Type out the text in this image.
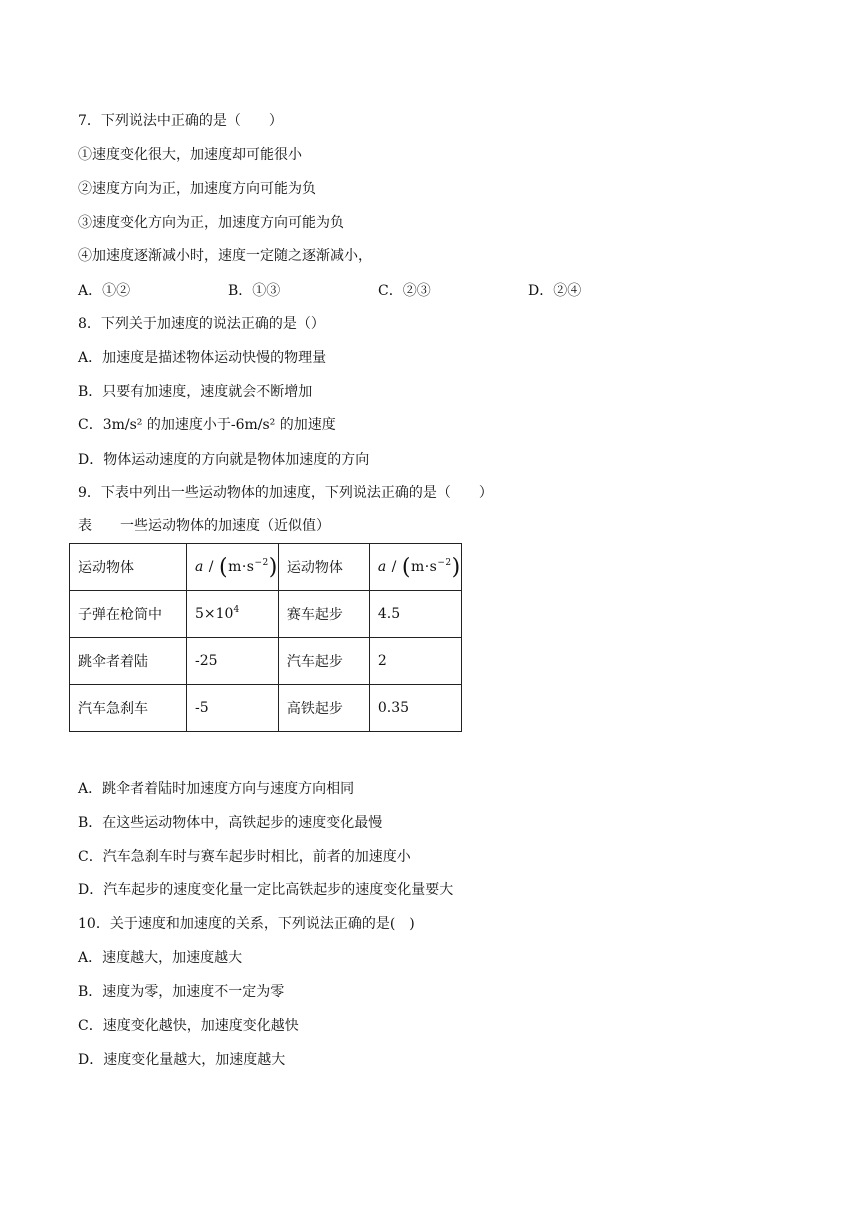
7．下列说法中正确的是（　　）
①速度变化很大，加速度却可能很小
②速度方向为正，加速度方向可能为负
③速度变化方向为正，加速度方向可能为负
④加速度逐渐减小时，速度一定随之逐渐减小，
A．①②	B．①③	C．②③	D．②④
8．下列关于加速度的说法正确的是（）
A．加速度是描述物体运动快慢的物理量
B．只要有加速度，速度就会不断增加
C．3m/s² 的加速度小于-6m/s² 的加速度
D．物体运动速度的方向就是物体加速度的方向
9．下表中列出一些运动物体的加速度，下列说法正确的是（　　）
表　　一些运动物体的加速度（近似值）
运动物体	$a / (m\cdot s^{-2})$	运动物体	$a / (m\cdot s^{-2})$
子弹在枪筒中	$5\times 10^4$	赛车起步	4.5
跳伞者着陆	-25	汽车起步	2
汽车急刹车	-5	高铁起步	0.35
A．跳伞者着陆时加速度方向与速度方向相同
B．在这些运动物体中，高铁起步的速度变化最慢
C．汽车急刹车时与赛车起步时相比，前者的加速度小
D．汽车起步的速度变化量一定比高铁起步的速度变化量要大
10．关于速度和加速度的关系，下列说法正确的是(　)
A．速度越大，加速度越大
B．速度为零，加速度不一定为零
C．速度变化越快，加速度变化越快
D．速度变化量越大，加速度越大
